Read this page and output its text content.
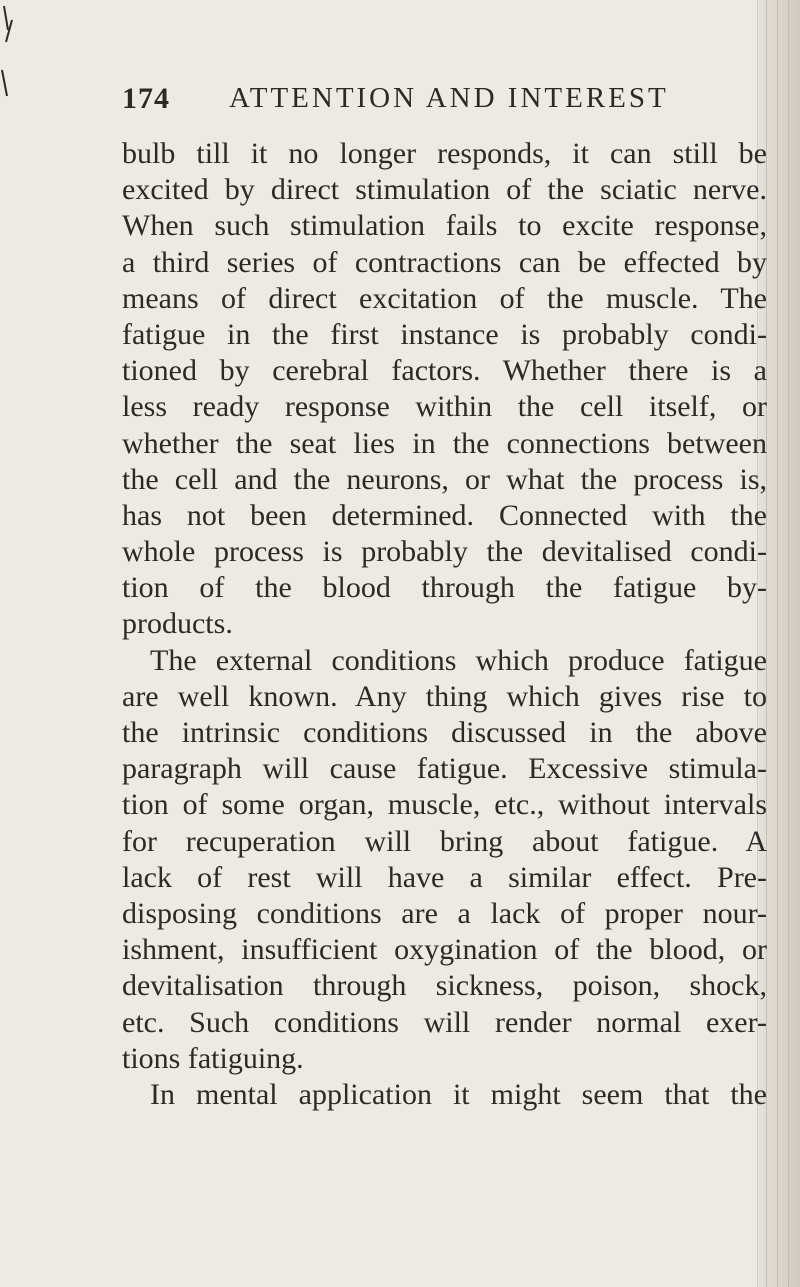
174 ATTENTION AND INTEREST
bulb till it no longer responds, it can still be
excited by direct stimulation of the sciatic nerve.
When such stimulation fails to excite response,
a third series of contractions can be effected by
means of direct excitation of the muscle. The
fatigue in the first instance is probably condi-
tioned by cerebral factors. Whether there is a
less ready response within the cell itself, or
whether the seat lies in the connections between
the cell and the neurons, or what the process is,
has not been determined. Connected with the
whole process is probably the devitalised condi-
tion of the blood through the fatigue by-
products.
The external conditions which produce fatigue
are well known. Any thing which gives rise to
the intrinsic conditions discussed in the above
paragraph will cause fatigue. Excessive stimula-
tion of some organ, muscle, etc., without intervals
for recuperation will bring about fatigue. A
lack of rest will have a similar effect. Pre-
disposing conditions are a lack of proper nour-
ishment, insufficient oxygination of the blood, or
devitalisation through sickness, poison, shock,
etc. Such conditions will render normal exer-
tions fatiguing.
In mental application it might seem that the
